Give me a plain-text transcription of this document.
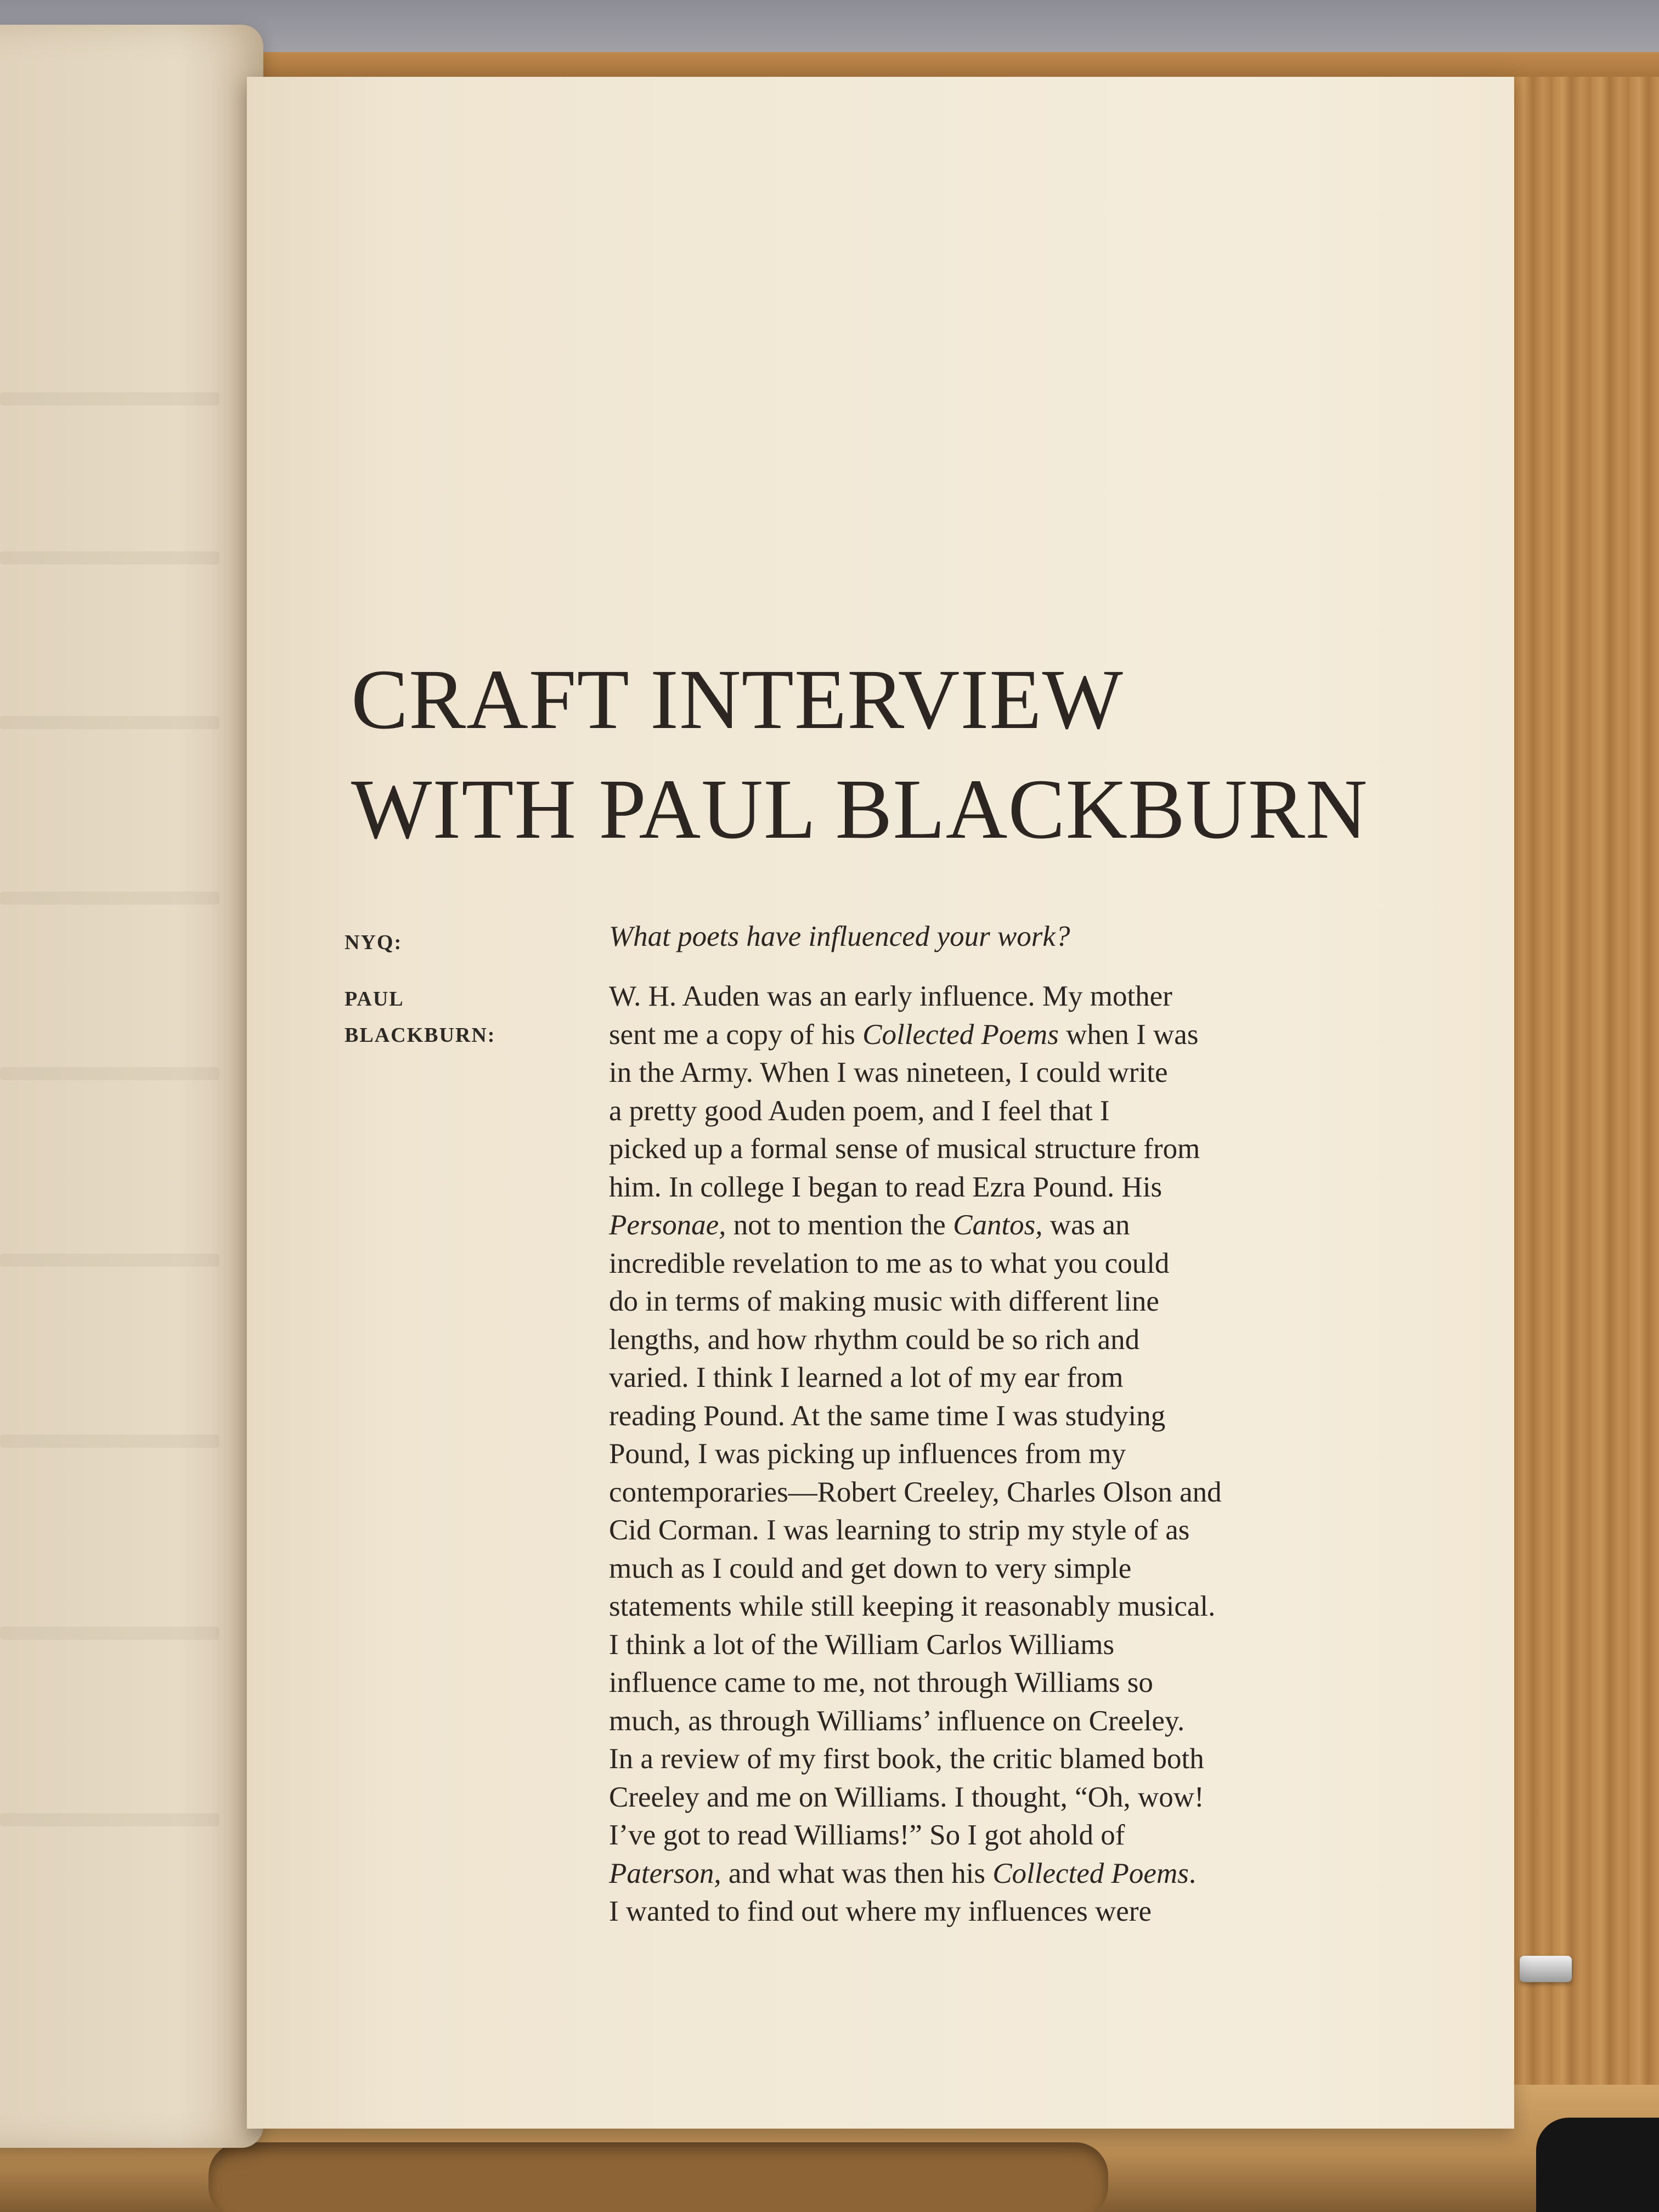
CRAFT INTERVIEW
WITH PAUL BLACKBURN
NYQ:	What poets have influenced your work?

PAUL
BLACKBURN:

W. H. Auden was an early influence. My mother
sent me a copy of his Collected Poems when I was
in the Army. When I was nineteen, I could write
a pretty good Auden poem, and I feel that I
picked up a formal sense of musical structure from
him. In college I began to read Ezra Pound. His
Personae, not to mention the Cantos, was an
incredible revelation to me as to what you could
do in terms of making music with different line
lengths, and how rhythm could be so rich and
varied. I think I learned a lot of my ear from
reading Pound. At the same time I was studying
Pound, I was picking up influences from my
contemporaries—Robert Creeley, Charles Olson and
Cid Corman. I was learning to strip my style of as
much as I could and get down to very simple
statements while still keeping it reasonably musical.
I think a lot of the William Carlos Williams
influence came to me, not through Williams so
much, as through Williams’ influence on Creeley.
In a review of my first book, the critic blamed both
Creeley and me on Williams. I thought, “Oh, wow!
I’ve got to read Williams!” So I got ahold of
Paterson, and what was then his Collected Poems.
I wanted to find out where my influences were
